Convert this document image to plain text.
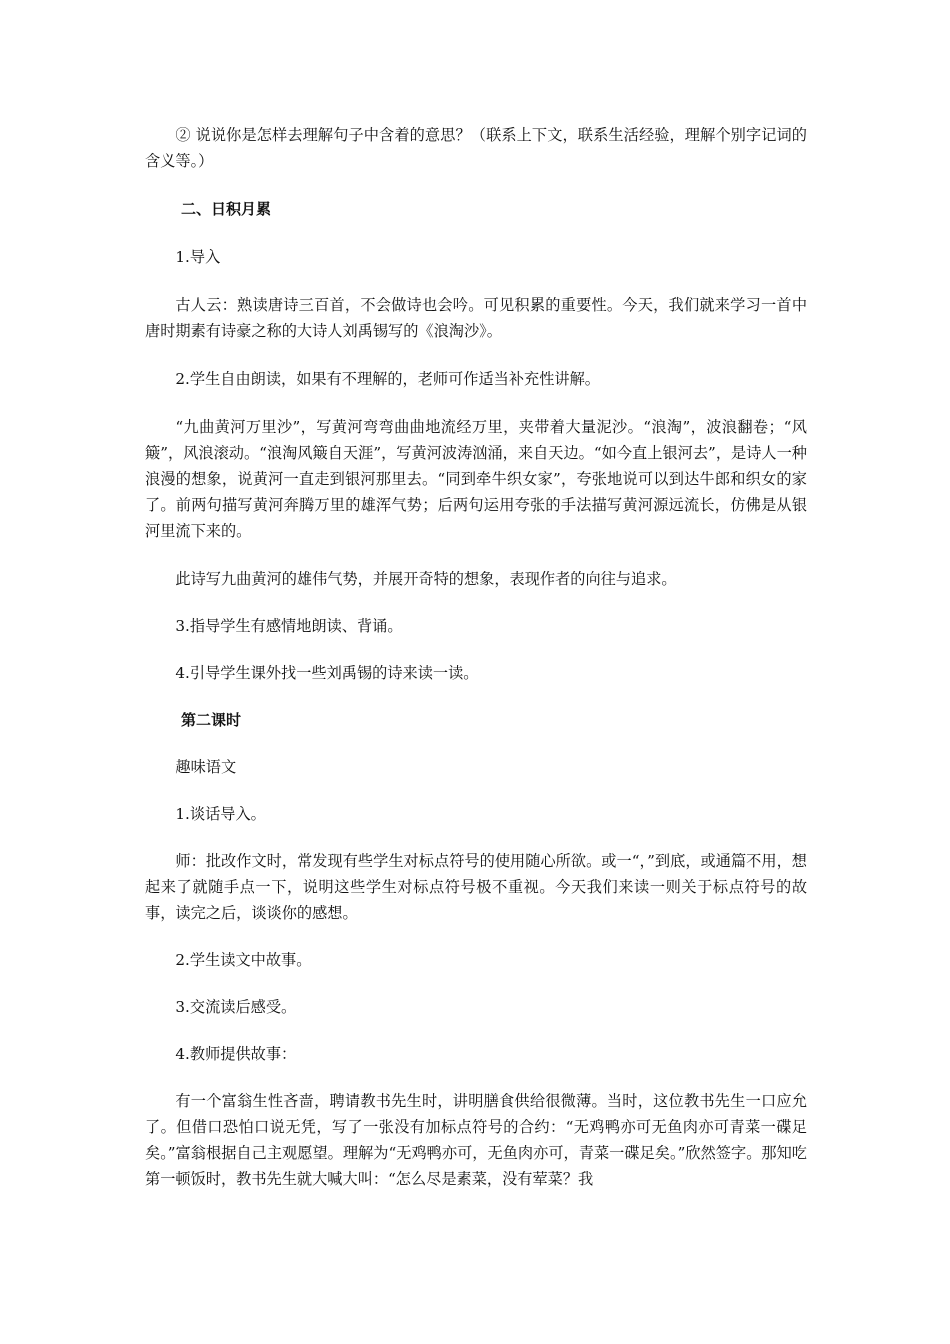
② 说说你是怎样去理解句子中含着的意思？（联系上下文，联系生活经验，理解个别字记词的含义等。）

二、日积月累

1.导入

古人云：熟读唐诗三百首，不会做诗也会吟。可见积累的重要性。今天，我们就来学习一首中唐时期素有诗豪之称的大诗人刘禹锡写的《浪淘沙》。

2.学生自由朗读，如果有不理解的，老师可作适当补充性讲解。

“九曲黄河万里沙”，写黄河弯弯曲曲地流经万里，夹带着大量泥沙。“浪淘”，波浪翻卷；“风簸”，风浪滚动。“浪淘风簸自天涯”，写黄河波涛汹涌，来自天边。“如今直上银河去”，是诗人一种浪漫的想象，说黄河一直走到银河那里去。“同到牵牛织女家”，夸张地说可以到达牛郎和织女的家了。前两句描写黄河奔腾万里的雄浑气势；后两句运用夸张的手法描写黄河源远流长，仿佛是从银河里流下来的。

此诗写九曲黄河的雄伟气势，并展开奇特的想象，表现作者的向往与追求。

3.指导学生有感情地朗读、背诵。

4.引导学生课外找一些刘禹锡的诗来读一读。

第二课时

趣味语文

1.谈话导入。

师：批改作文时，常发现有些学生对标点符号的使用随心所欲。或一“，”到底，或通篇不用，想起来了就随手点一下，说明这些学生对标点符号极不重视。今天我们来读一则关于标点符号的故事，读完之后，谈谈你的感想。

2.学生读文中故事。

3.交流读后感受。

4.教师提供故事：

有一个富翁生性吝啬，聘请教书先生时，讲明膳食供给很微薄。当时，这位教书先生一口应允了。但借口恐怕口说无凭，写了一张没有加标点符号的合约：“无鸡鸭亦可无鱼肉亦可青菜一碟足矣。”富翁根据自己主观愿望。理解为“无鸡鸭亦可，无鱼肉亦可，青菜一碟足矣。”欣然签字。那知吃第一顿饭时，教书先生就大喊大叫：“怎么尽是素菜，没有荤菜？我
